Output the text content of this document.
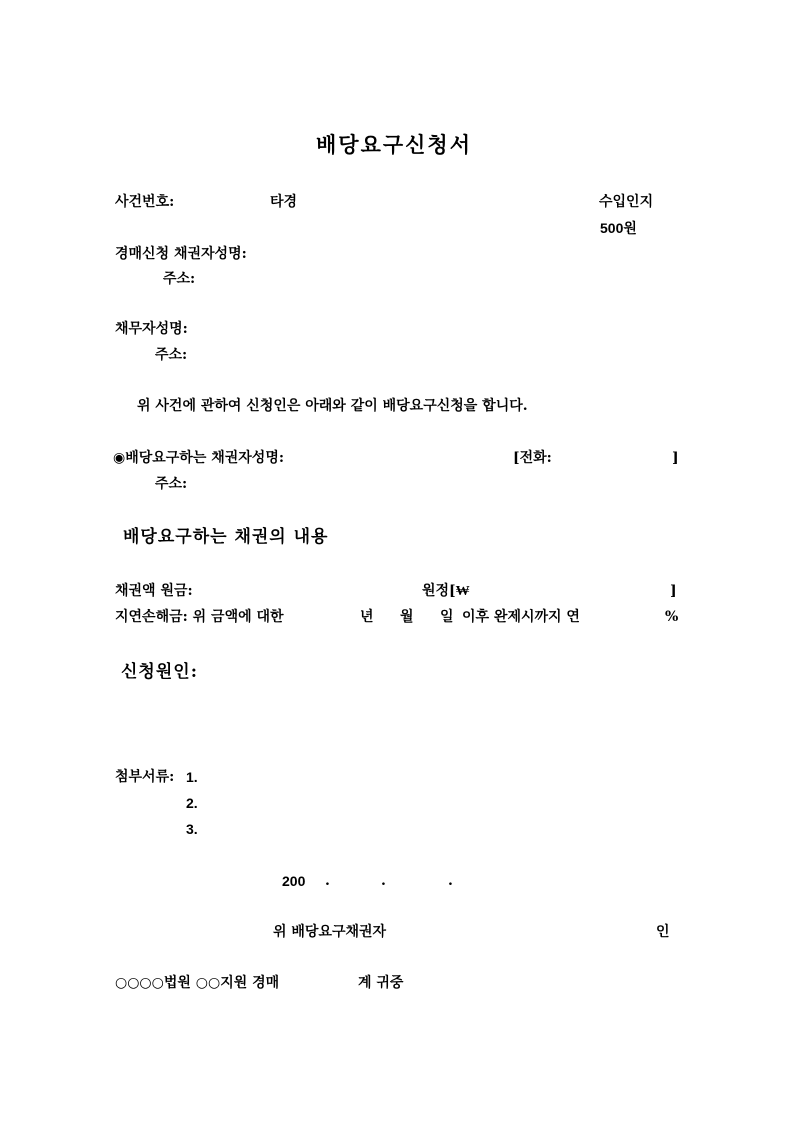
배당요구신청서
사건번호:	타경	수입인지
500원
경매신청 채권자성명:
주소:
채무자성명:
주소:
위 사건에 관하여 신청인은 아래와 같이 배당요구신청을 합니다.
◉배당요구하는 채권자성명:	[전화:	]
주소:
배당요구하는 채권의 내용
채권액 원금:	원정[₩	]
지연손해금: 위 금액에 대한	년 월 일 이후 완제시까지 연	%
신청원인:
첨부서류: 1.
2.
3.
200 .	.	.
위 배당요구채권자	인
○○○○법원 ○○지원 경매	계 귀중
